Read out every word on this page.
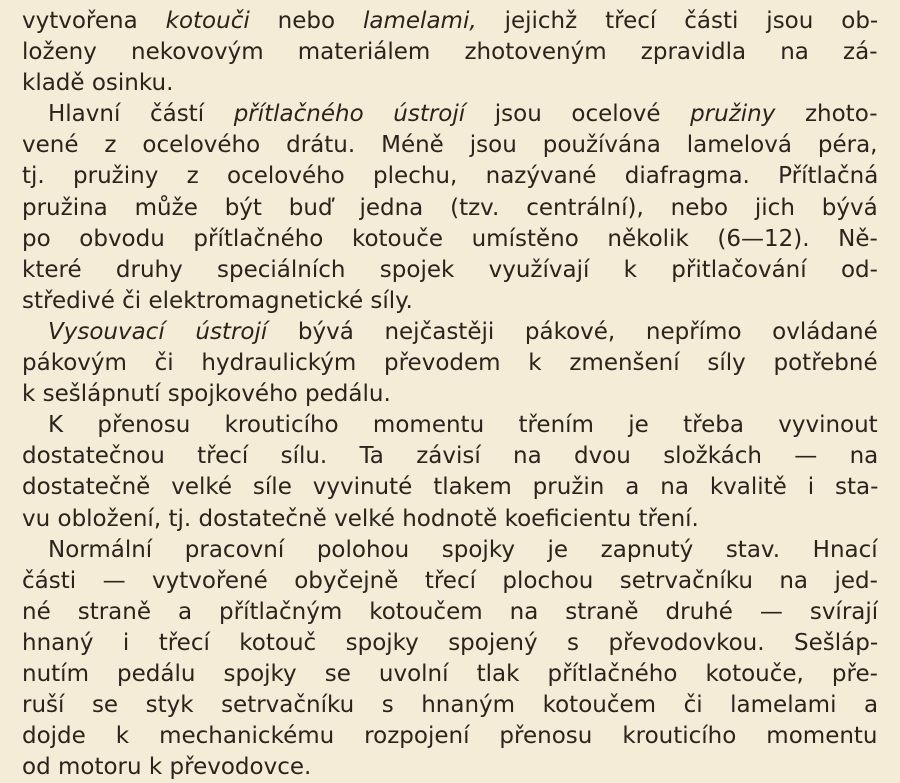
vytvořena kotouči nebo lamelami, jejichž třecí části jsou ob-
loženy nekovovým materiálem zhotoveným zpravidla na zá-
kladě osinku.
Hlavní částí přítlačného ústrojí jsou ocelové pružiny zhoto-
vené z ocelového drátu. Méně jsou používána lamelová péra,
tj. pružiny z ocelového plechu, nazývané diafragma. Přítlačná
pružina může být buď jedna (tzv. centrální), nebo jich bývá
po obvodu přítlačného kotouče umístěno několik (6—12). Ně-
které druhy speciálních spojek využívají k přitlačování od-
středivé či elektromagnetické síly.
Vysouvací ústrojí bývá nejčastěji pákové, nepřímo ovládané
pákovým či hydraulickým převodem k zmenšení síly potřebné
k sešlápnutí spojkového pedálu.
K přenosu krouticího momentu třením je třeba vyvinout
dostatečnou třecí sílu. Ta závisí na dvou složkách — na
dostatečně velké síle vyvinuté tlakem pružin a na kvalitě i sta-
vu obložení, tj. dostatečně velké hodnotě koeficientu tření.
Normální pracovní polohou spojky je zapnutý stav. Hnací
části — vytvořené obyčejně třecí plochou setrvačníku na jed-
né straně a přítlačným kotoučem na straně druhé — svírají
hnaný i třecí kotouč spojky spojený s převodovkou. Sešláp-
nutím pedálu spojky se uvolní tlak přítlačného kotouče, pře-
ruší se styk setrvačníku s hnaným kotoučem či lamelami a
dojde k mechanickému rozpojení přenosu krouticího momentu
od motoru k převodovce.
